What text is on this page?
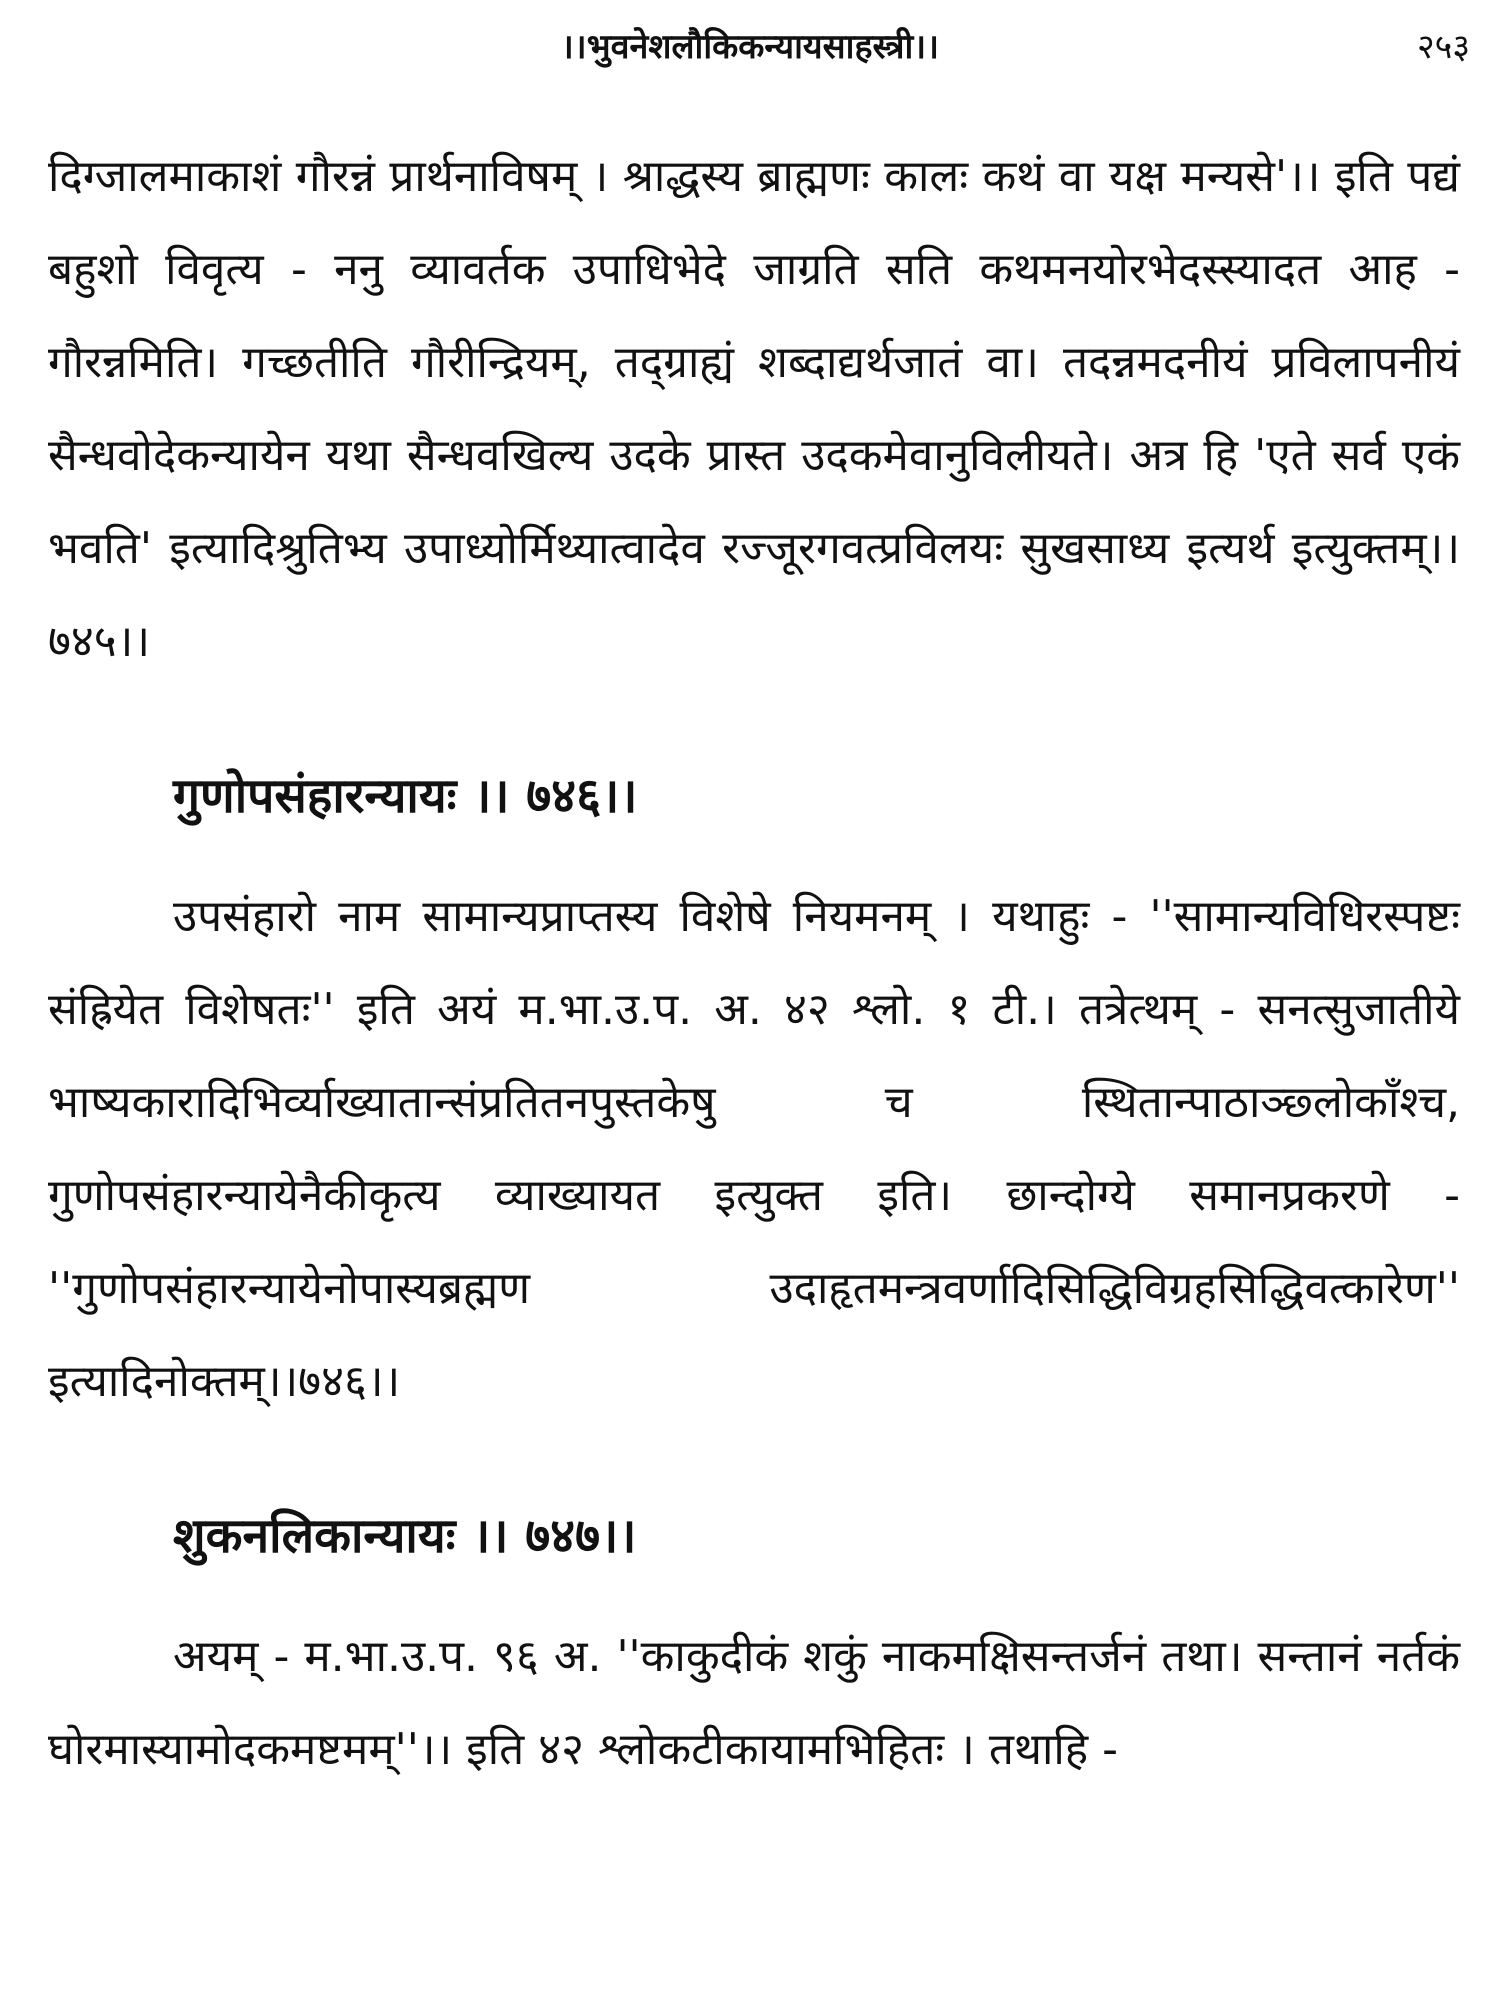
।।भुवनेशलौकिकन्यायसाहस्त्री।।	२५३

दिग्जालमाकाशं गौरन्नं प्रार्थनाविषम् । श्राद्धस्य ब्राह्मणः कालः कथं वा यक्ष मन्यसे'।। इति पद्यं बहुशो विवृत्य - ननु व्यावर्तक उपाधिभेदे जाग्रति सति कथमनयोरभेदस्स्यादत आह - गौरन्नमिति। गच्छतीति गौरीन्द्रियम्, तद्ग्राह्यं शब्दाद्यर्थजातं वा। तदन्नमदनीयं प्रविलापनीयं सैन्धवोदेकन्यायेन यथा सैन्धवखिल्य उदके प्रास्त उदकमेवानुविलीयते। अत्र हि 'एते सर्व एकं भवति' इत्यादिश्रुतिभ्य उपाध्योर्मिथ्यात्वादेव रज्जूरगवत्प्रविलयः सुखसाध्य इत्यर्थ इत्युक्तम्।। ७४५।।

गुणोपसंहारन्यायः ।। ७४६।।

उपसंहारो नाम सामान्यप्राप्तस्य विशेषे नियमनम् । यथाहुः - ''सामान्यविधिरस्पष्टः संह्रियेत विशेषतः'' इति अयं म.भा.उ.प. अ. ४२ श्लो. १ टी.। तत्रेत्थम् - सनत्सुजातीये भाष्यकारादिभिर्व्याख्यातान्संप्रतितनपुस्तकेषु च स्थितान्पाठाञ्छ्लोकाँश्च, गुणोपसंहारन्यायेनैकीकृत्य व्याख्यायत इत्युक्त इति। छान्दोग्ये समानप्रकरणे - ''गुणोपसंहारन्यायेनोपास्यब्रह्मण उदाहृतमन्त्रवर्णादिसिद्धिविग्रहसिद्धिवत्कारेण'' इत्यादिनोक्तम्।।७४६।।

शुकनलिकान्यायः ।। ७४७।।

अयम् - म.भा.उ.प. ९६ अ. ''काकुदीकं शकुं नाकमक्षिसन्तर्जनं तथा। सन्तानं नर्तकं घोरमास्यामोदकमष्टमम्''।। इति ४२ श्लोकटीकायामभिहितः । तथाहि -
